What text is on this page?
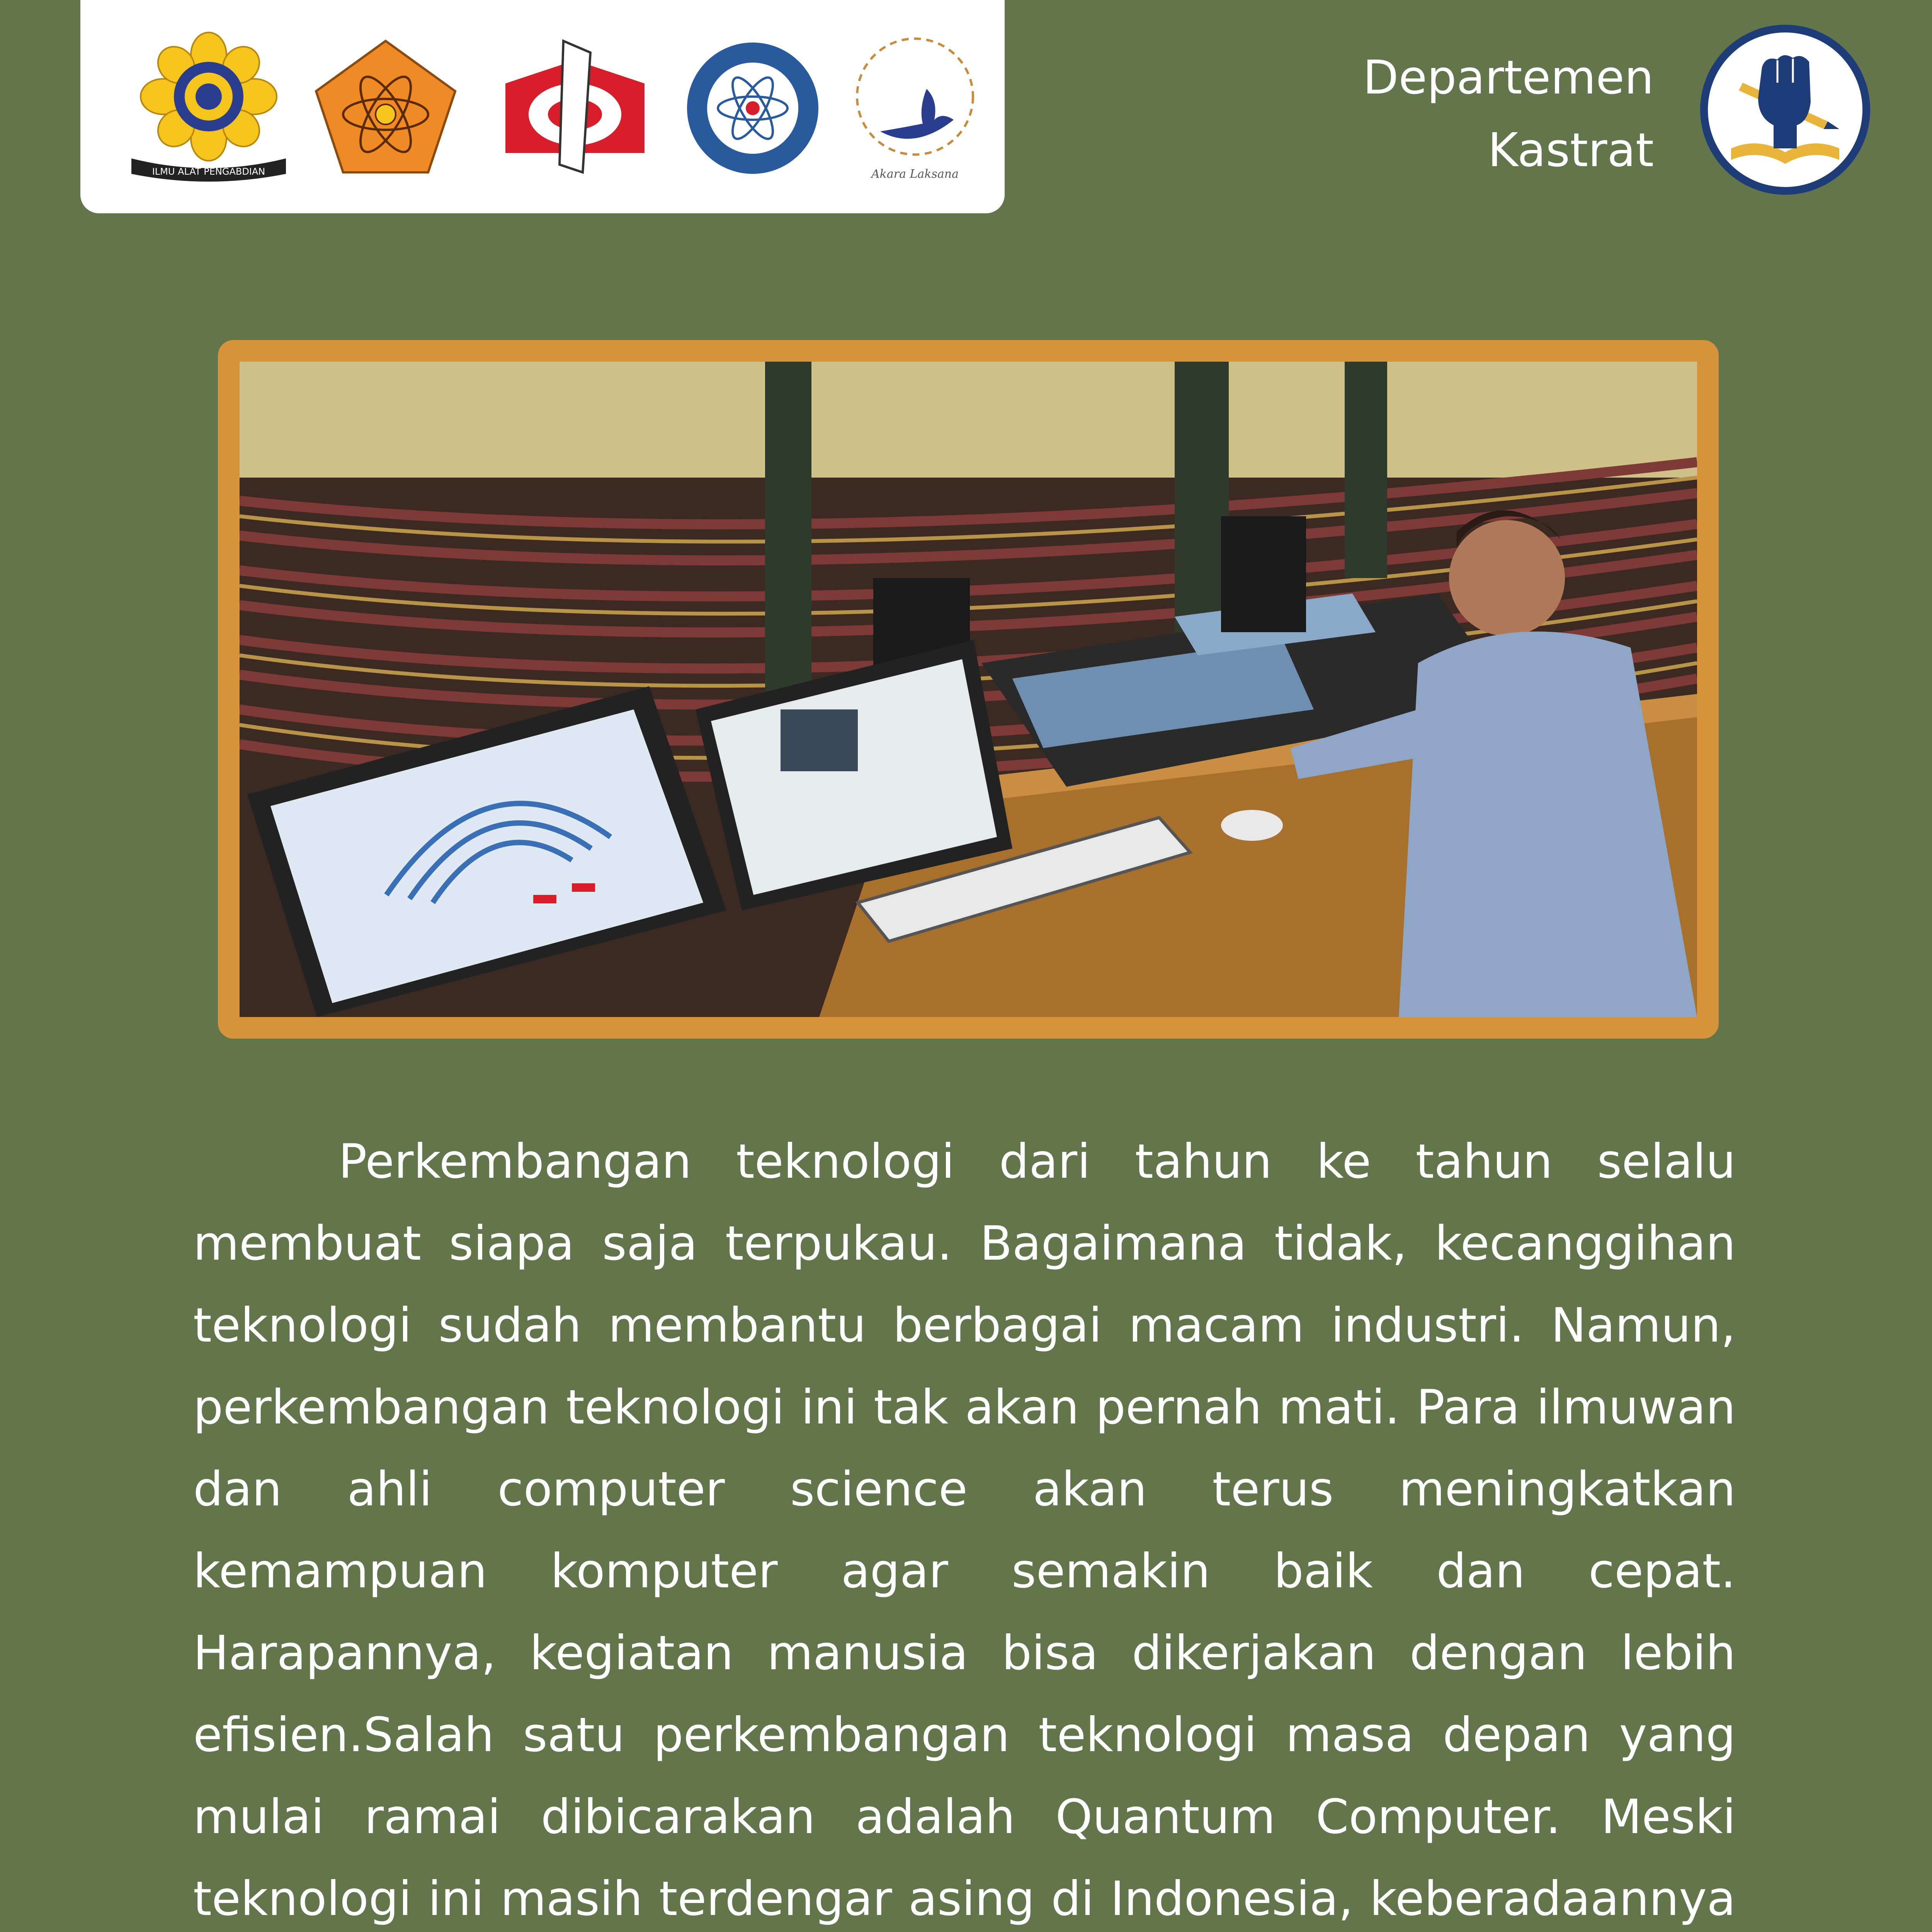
ILMU ALAT PENGABDIAN	Akara Laksana
Departemen
Kastrat

Perkembangan teknologi dari tahun ke tahun selalu membuat siapa saja terpukau. Bagaimana tidak, kecanggihan teknologi sudah membantu berbagai macam industri. Namun, perkembangan teknologi ini tak akan pernah mati. Para ilmuwan dan ahli computer science akan terus meningkatkan kemampuan komputer agar semakin baik dan cepat. Harapannya, kegiatan manusia bisa dikerjakan dengan lebih efisien.Salah satu perkembangan teknologi masa depan yang mulai ramai dibicarakan adalah Quantum Computer. Meski teknologi ini masih terdengar asing di Indonesia, keberadaannya
